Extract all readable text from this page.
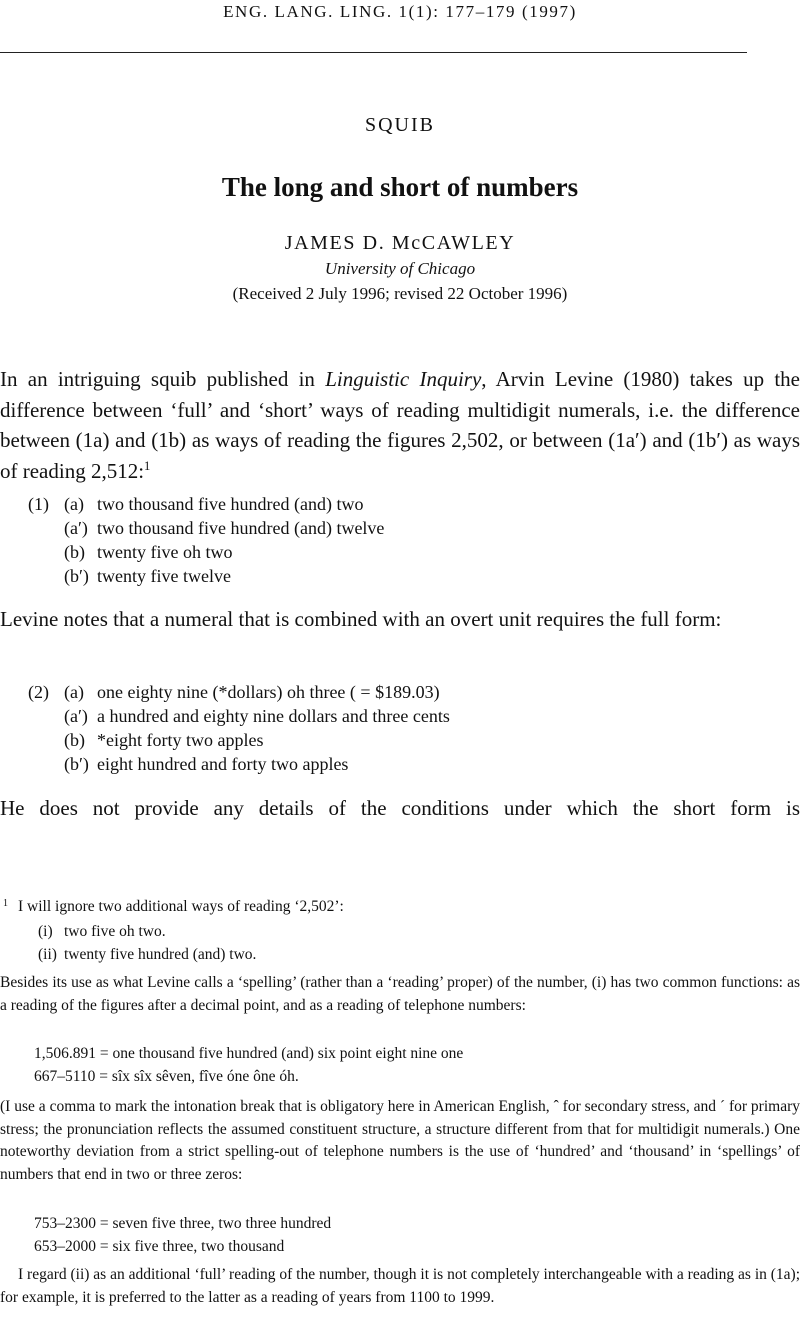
ENG. LANG. LING. 1(1): 177–179 (1997)
SQUIB
The long and short of numbers
JAMES D. McCAWLEY
University of Chicago
(Received 2 July 1996; revised 22 October 1996)

In an intriguing squib published in Linguistic Inquiry, Arvin Levine (1980) takes up the difference between ‘full’ and ‘short’ ways of reading multidigit numerals, i.e. the difference between (1a) and (1b) as ways of reading the figures 2,502, or between (1a′) and (1b′) as ways of reading 2,512:$^1$

(1) (a) two thousand five hundred (and) two
(a′) two thousand five hundred (and) twelve
(b) twenty five oh two
(b′) twenty five twelve

Levine notes that a numeral that is combined with an overt unit requires the full form:

(2) (a) one eighty nine (*dollars) oh three ( = $189.03)
(a′) a hundred and eighty nine dollars and three cents
(b) *eight forty two apples
(b′) eight hundred and forty two apples

He does not provide any details of the conditions under which the short form is

1 I will ignore two additional ways of reading ‘2,502’:
(i) two five oh two.
(ii) twenty five hundred (and) two.

Besides its use as what Levine calls a ‘spelling’ (rather than a ‘reading’ proper) of the number, (i) has two common functions: as a reading of the figures after a decimal point, and as a reading of telephone numbers:

1,506.891 = one thousand five hundred (and) six point eight nine one
667–5110 = sîx sîx sêven, fîve óne ône óh.

(I use a comma to mark the intonation break that is obligatory here in American English, ˆ for secondary stress, and ´ for primary stress; the pronunciation reflects the assumed constituent structure, a structure different from that for multidigit numerals.) One noteworthy deviation from a strict spelling-out of telephone numbers is the use of ‘hundred’ and ‘thousand’ in ‘spellings’ of numbers that end in two or three zeros:

753–2300 = seven five three, two three hundred
653–2000 = six five three, two thousand

I regard (ii) as an additional ‘full’ reading of the number, though it is not completely interchangeable with a reading as in (1a); for example, it is preferred to the latter as a reading of years from 1100 to 1999.
